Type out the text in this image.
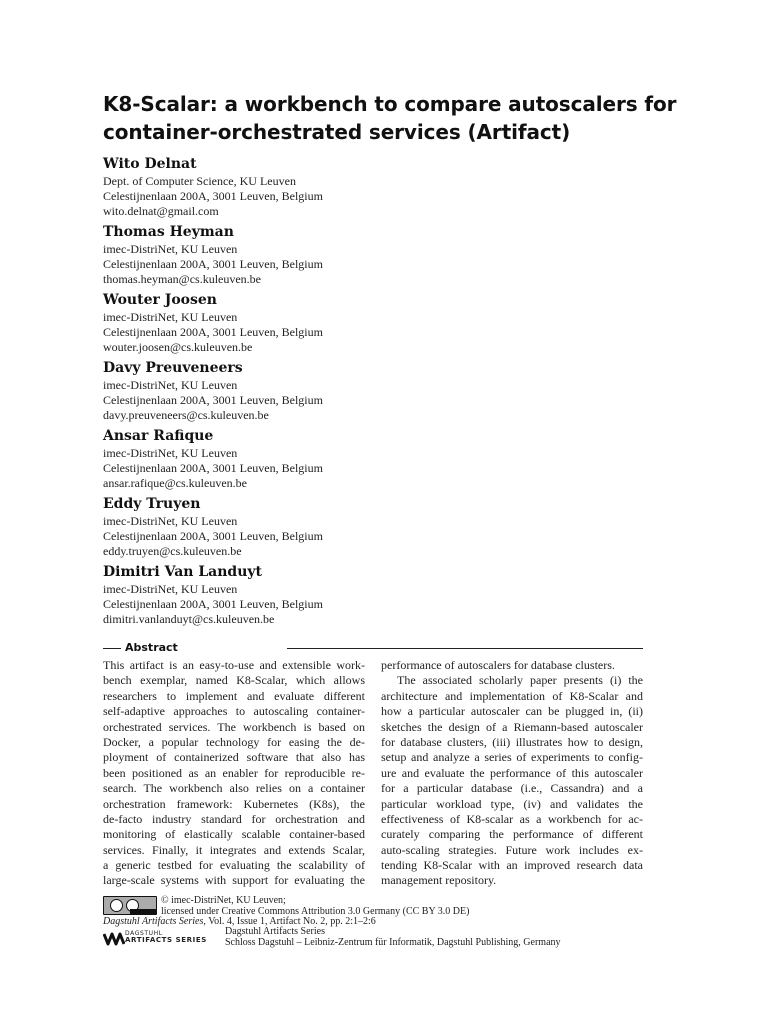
K8-Scalar: a workbench to compare autoscalers for
container-orchestrated services (Artifact)
Wito Delnat
Dept. of Computer Science, KU Leuven
Celestijnenlaan 200A, 3001 Leuven, Belgium
wito.delnat@gmail.com
Thomas Heyman
imec-DistriNet, KU Leuven
Celestijnenlaan 200A, 3001 Leuven, Belgium
thomas.heyman@cs.kuleuven.be
Wouter Joosen
imec-DistriNet, KU Leuven
Celestijnenlaan 200A, 3001 Leuven, Belgium
wouter.joosen@cs.kuleuven.be
Davy Preuveneers
imec-DistriNet, KU Leuven
Celestijnenlaan 200A, 3001 Leuven, Belgium
davy.preuveneers@cs.kuleuven.be
Ansar Rafique
imec-DistriNet, KU Leuven
Celestijnenlaan 200A, 3001 Leuven, Belgium
ansar.rafique@cs.kuleuven.be
Eddy Truyen
imec-DistriNet, KU Leuven
Celestijnenlaan 200A, 3001 Leuven, Belgium
eddy.truyen@cs.kuleuven.be
Dimitri Van Landuyt
imec-DistriNet, KU Leuven
Celestijnenlaan 200A, 3001 Leuven, Belgium
dimitri.vanlanduyt@cs.kuleuven.be
Abstract
This artifact is an easy-to-use and extensible work-
bench exemplar, named K8-Scalar, which allows
researchers to implement and evaluate different
self-adaptive approaches to autoscaling container-
orchestrated services. The workbench is based on
Docker, a popular technology for easing the de-
ployment of containerized software that also has
been positioned as an enabler for reproducible re-
search. The workbench also relies on a container
orchestration framework: Kubernetes (K8s), the
de-facto industry standard for orchestration and
monitoring of elastically scalable container-based
services. Finally, it integrates and extends Scalar,
a generic testbed for evaluating the scalability of
large-scale systems with support for evaluating the
performance of autoscalers for database clusters.
The associated scholarly paper presents (i) the
architecture and implementation of K8-Scalar and
how a particular autoscaler can be plugged in, (ii)
sketches the design of a Riemann-based autoscaler
for database clusters, (iii) illustrates how to design,
setup and analyze a series of experiments to config-
ure and evaluate the performance of this autoscaler
for a particular database (i.e., Cassandra) and a
particular workload type, (iv) and validates the
effectiveness of K8-scalar as a workbench for ac-
curately comparing the performance of different
auto-scaling strategies. Future work includes ex-
tending K8-Scalar with an improved research data
management repository.
© imec-DistriNet, KU Leuven;
licensed under Creative Commons Attribution 3.0 Germany (CC BY 3.0 DE)
Dagstuhl Artifacts Series, Vol. 4, Issue 1, Artifact No. 2, pp. 2:1–2:6
DAGSTUHL
ARTIFACTS SERIES
Dagstuhl Artifacts Series
Schloss Dagstuhl – Leibniz-Zentrum für Informatik, Dagstuhl Publishing, Germany
